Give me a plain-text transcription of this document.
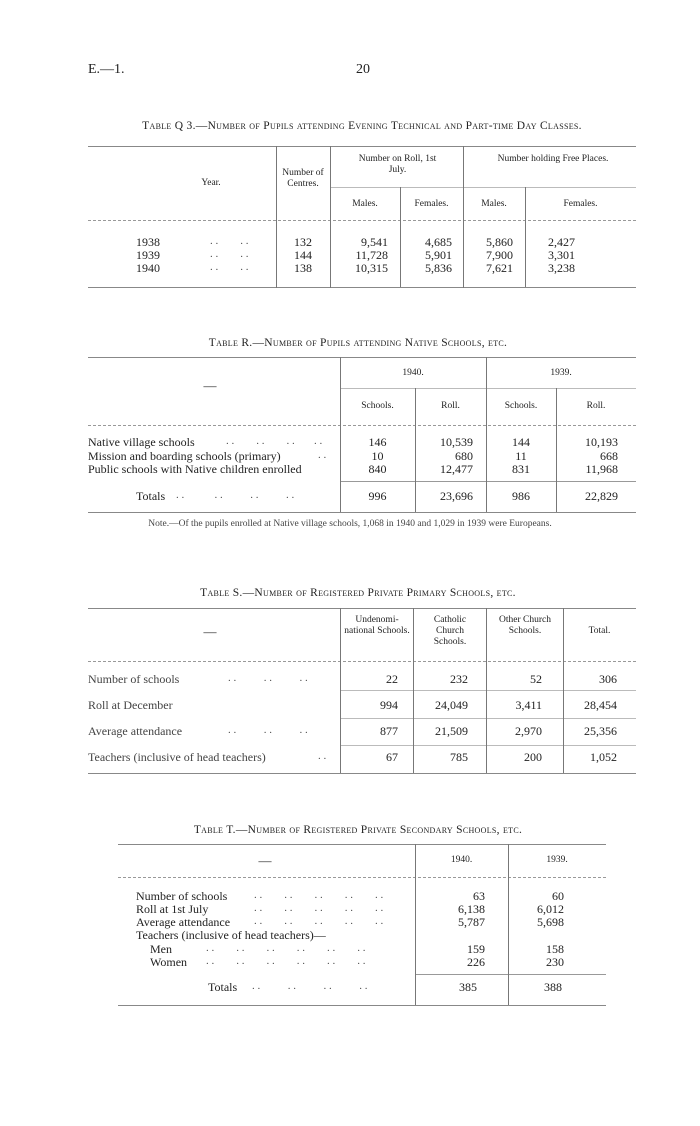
E.—1.	20
Table Q 3.—Number of Pupils attending Evening Technical and Part-time Day Classes.
Year.
Number of Centres.
Number on Roll, 1st July.
Number holding Free Places.
Males.	Females.	Males.	Females.
1938	. .        . .	132	9,541	4,685	5,860	2,427
1939	. .        . .	144	11,728	5,901	7,900	3,301
1940	. .        . .	138	10,315	5,836	7,621	3,238
Table R.—Number of Pupils attending Native Schools, etc.
—
1940.	1939.
Schools.	Roll.	Schools.	Roll.
Native village schools	. .        . .        . .       . .	146	10,539	144	10,193
Mission and boarding schools (primary)	. .	10	680	11	668
Public schools with Native children enrolled	840	12,477	831	11,968
Totals . .           . .          . .          . .	996	23,696	986	22,829
Note.—Of the pupils enrolled at Native village schools, 1,068 in 1940 and 1,029 in 1939 were Europeans.
Table S.—Number of Registered Private Primary Schools, etc.
—
Undenomi-national Schools.
Catholic Church Schools.
Other Church Schools.	Total.
Number of schools	. .          . .          . .	22	232	52	306
Roll at December	994	24,049	3,411	28,454
Average attendance	. .          . .          . .	877	21,509	2,970	25,356
Teachers (inclusive of head teachers)	. .	67	785	200	1,052
Table T.—Number of Registered Private Secondary Schools, etc.
—	1940.	1939.
Number of schools . .        . .        . .        . .        . .	63	60
Roll at 1st July	. .        . .        . .        . .        . .	6,138	6,012
Average attendance . .        . .        . .        . .        . .	5,787	5,698
Teachers (inclusive of head teachers)—
Men	. .        . .        . .        . .        . .        . .	159	158
Women . .        . .        . .        . .        . .        . .	226	230
Totals . .          . .          . .          . .	385	388
